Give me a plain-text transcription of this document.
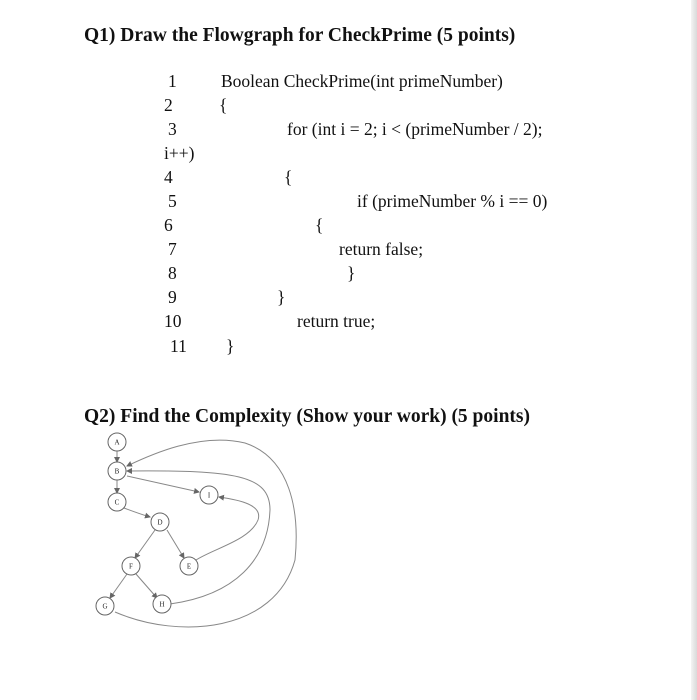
Q1) Draw the Flowgraph for CheckPrime (5 points)
1
2
3
i++)
4
5
6
7
8
9
10
11
Boolean CheckPrime(int primeNumber)
{
for (int i = 2; i < (primeNumber / 2);
{
if (primeNumber % i == 0)
{
return false;
}
}
return true;
}
Q2) Find the Complexity (Show your work) (5 points)
A
B
C
D
I
F	E
G	H
